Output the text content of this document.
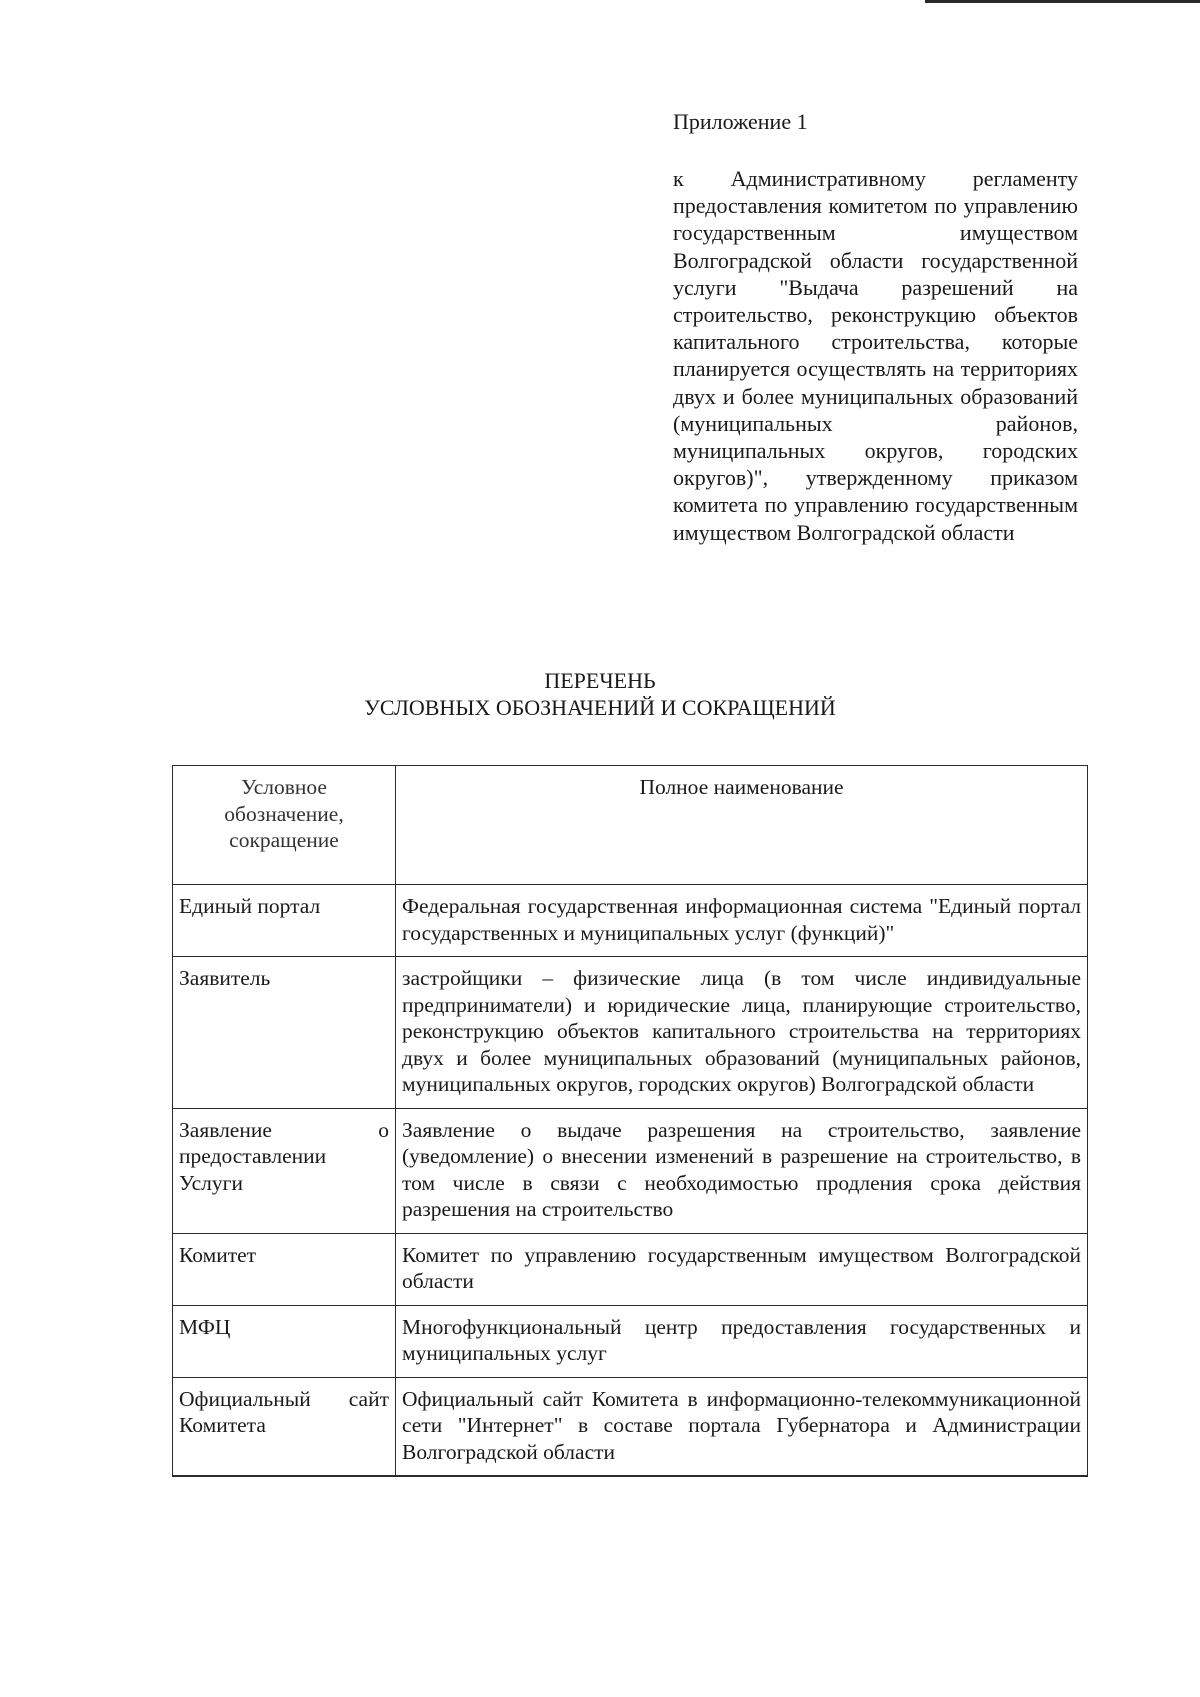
Приложение 1

к Административному регламенту предоставления комитетом по управлению государственным имуществом Волгоградской области государственной услуги "Выдача разрешений на строительство, реконструкцию объектов капитального строительства, которые планируется осуществлять на территориях двух и более муниципальных образований (муниципальных районов, муниципальных округов, городских округов)", утвержденному приказом комитета по управлению государственным имуществом Волгоградской области

ПЕРЕЧЕНЬ

УСЛОВНЫХ ОБОЗНАЧЕНИЙ И СОКРАЩЕНИЙ

Условное обозначение, сокращение	Полное наименование
Единый портал	Федеральная государственная информационная система "Единый портал государственных и муниципальных услуг (функций)"
Заявитель	застройщики – физические лица (в том числе индивидуальные предприниматели) и юридические лица, планирующие строительство, реконструкцию объектов капитального строительства на территориях двух и более муниципальных образований (муниципальных районов, муниципальных округов, городских округов) Волгоградской области
Заявление о предоставлении Услуги	Заявление о выдаче разрешения на строительство, заявление (уведомление) о внесении изменений в разрешение на строительство, в том числе в связи с необходимостью продления срока действия разрешения на строительство
Комитет	Комитет по управлению государственным имуществом Волгоградской области
МФЦ	Многофункциональный центр предоставления государственных и муниципальных услуг
Официальный сайт Комитета	Официальный сайт Комитета в информационно-телекоммуникационной сети "Интернет" в составе портала Губернатора и Администрации Волгоградской области
